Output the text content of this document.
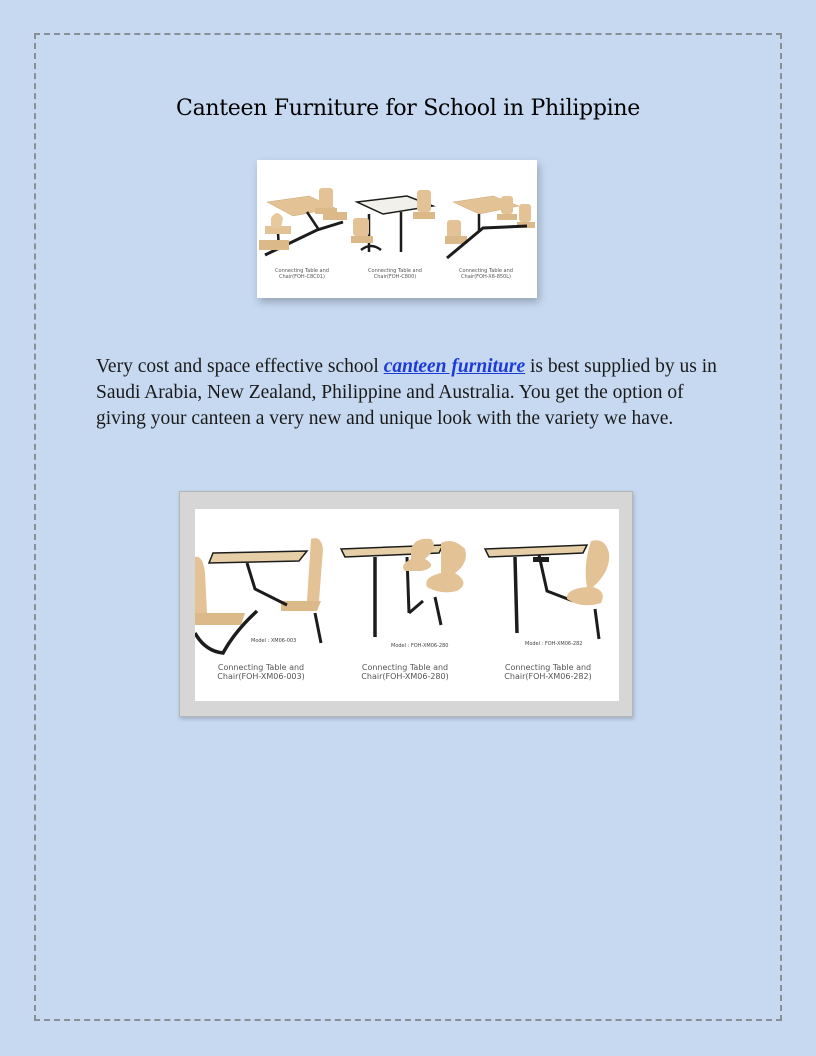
Canteen Furniture for School in Philippine
Connecting Table and Chair(FOH-C8C01)
Connecting Table and Chair(FOH-C800)
Connecting Table and Chair(FOH-X6-850L)
Very cost and space effective school canteen furniture is best supplied by us in Saudi Arabia, New Zealand, Philippine and Australia. You get the option of giving your canteen a very new and unique look with the variety we have.
Model : XM06-003
Model : FOH-XM06-280	Model : FOH-XM06-282
Connecting Table and Chair(FOH-XM06-003)
Connecting Table and Chair(FOH-XM06-280)
Connecting Table and Chair(FOH-XM06-282)
